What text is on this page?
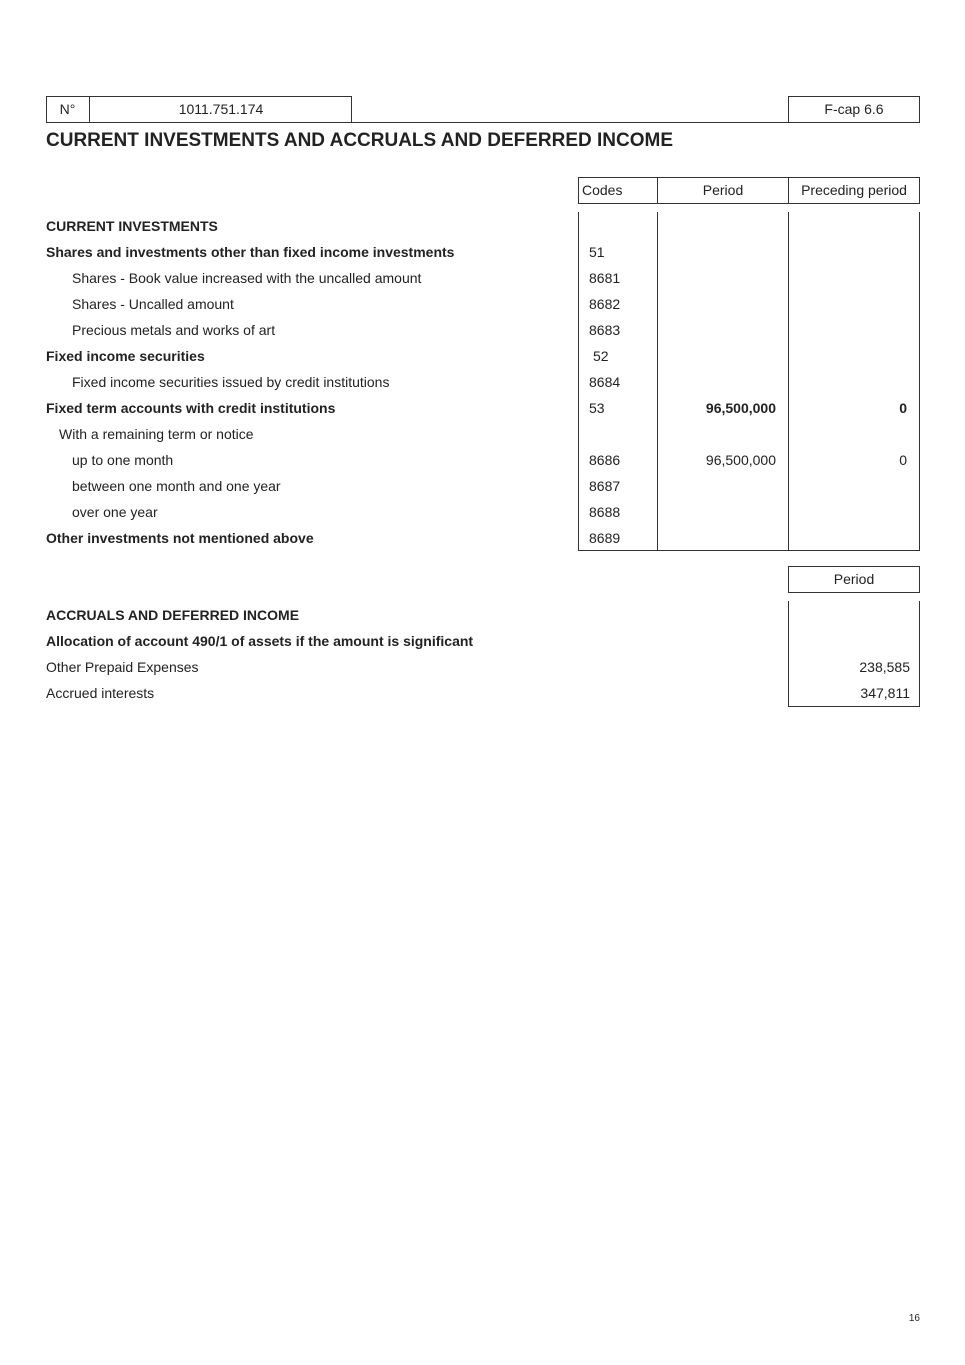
N°	1011.751.174	F-cap 6.6
CURRENT INVESTMENTS AND ACCRUALS AND DEFERRED INCOME
Codes	Period	Preceding period
CURRENT INVESTMENTS
Shares and investments other than fixed income investments	51
Shares - Book value increased with the uncalled amount	8681
Shares - Uncalled amount	8682
Precious metals and works of art	8683
Fixed income securities	52
Fixed income securities issued by credit institutions	8684
Fixed term accounts with credit institutions	53	96,500,000	0
With a remaining term or notice
up to one month	8686	96,500,000	0
between one month and one year	8687
over one year	8688
Other investments not mentioned above	8689
Period
ACCRUALS AND DEFERRED INCOME
Allocation of account 490/1 of assets if the amount is significant
Other Prepaid Expenses	238,585
Accrued interests	347,811
16
